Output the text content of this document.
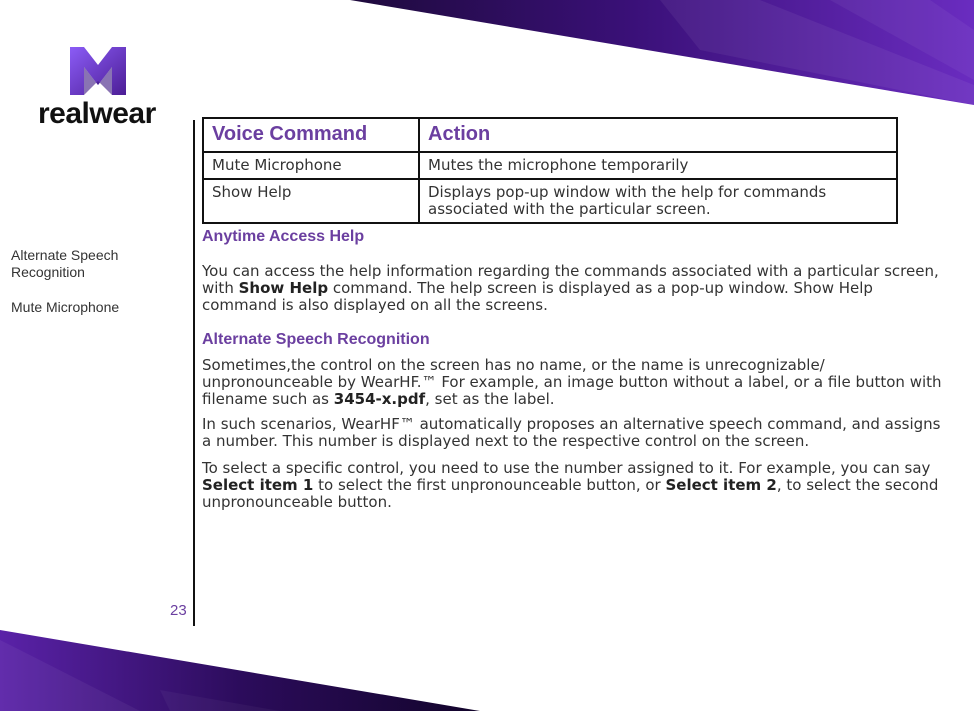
realwear
Alternate Speech Recognition
Mute Microphone
23
Voice Command	Action
Mute Microphone	Mutes the microphone temporarily
Show Help	Displays pop-up window with the help for commands associated with the particular screen.
Anytime Access Help

You can access the help information regarding the commands associated with a particular screen, with Show Help command. The help screen is displayed as a pop-up window. Show Help command is also displayed on all the screens.

Alternate Speech Recognition

Sometimes,the control on the screen has no name, or the name is unrecognizable/ unpronounceable by WearHF.™ For example, an image button without a label, or a file button with filename such as 3454-x.pdf, set as the label.

In such scenarios, WearHF™ automatically proposes an alternative speech command, and assigns a number. This number is displayed next to the respective control on the screen.

To select a specific control, you need to use the number assigned to it. For example, you can say Select item 1 to select the first unpronounceable button, or Select item 2, to select the second unpronounceable button.
